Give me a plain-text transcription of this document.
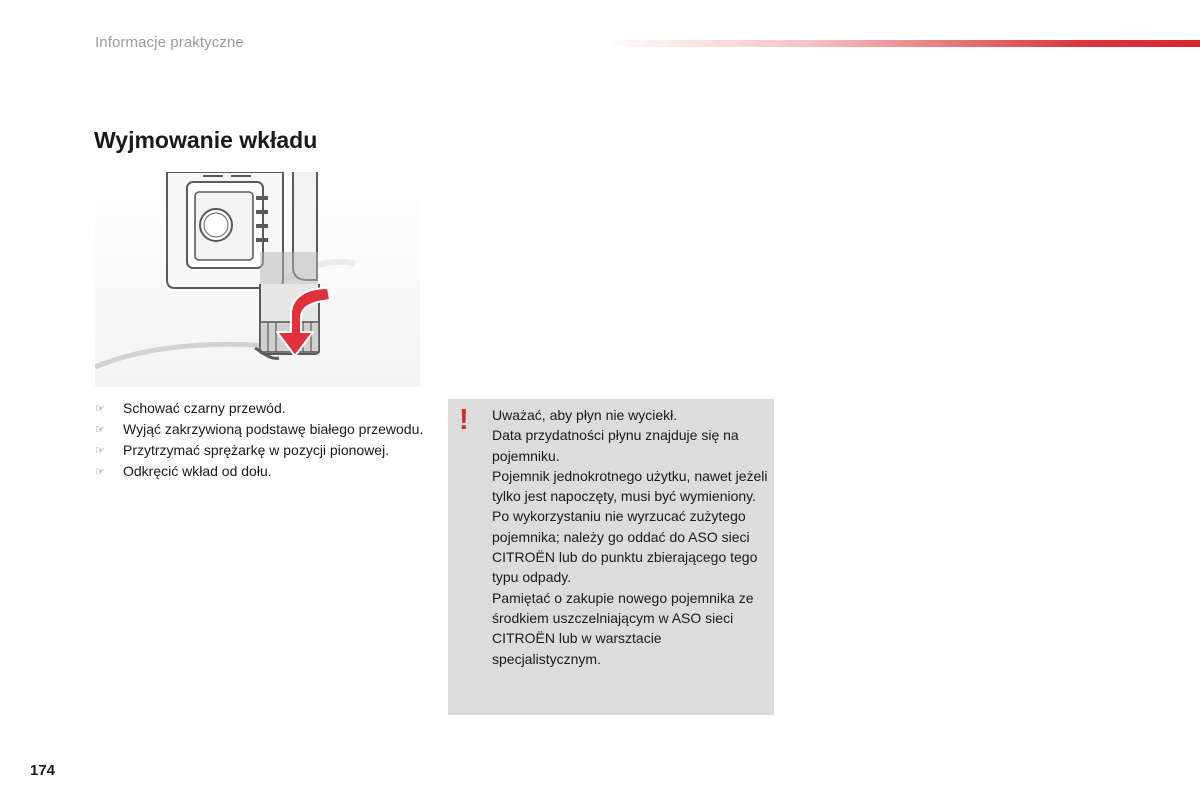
Informacje praktyczne
Wyjmowanie wkładu
☞	Schować czarny przewód.
☞	Wyjąć zakrzywioną podstawę białego przewodu.
☞	Przytrzymać sprężarkę w pozycji pionowej.
☞	Odkręcić wkład od dołu.
! Uważać, aby płyn nie wyciekł.

Data przydatności płynu znajduje się na pojemniku.

Pojemnik jednokrotnego użytku, nawet jeżeli tylko jest napoczęty, musi być wymieniony.

Po wykorzystaniu nie wyrzucać zużytego pojemnika; należy go oddać do ASO sieci CITROËN lub do punktu zbierającego tego typu odpady.

Pamiętać o zakupie nowego pojemnika ze środkiem uszczelniającym w ASO sieci CITROËN lub w warsztacie specjalistycznym.

174
